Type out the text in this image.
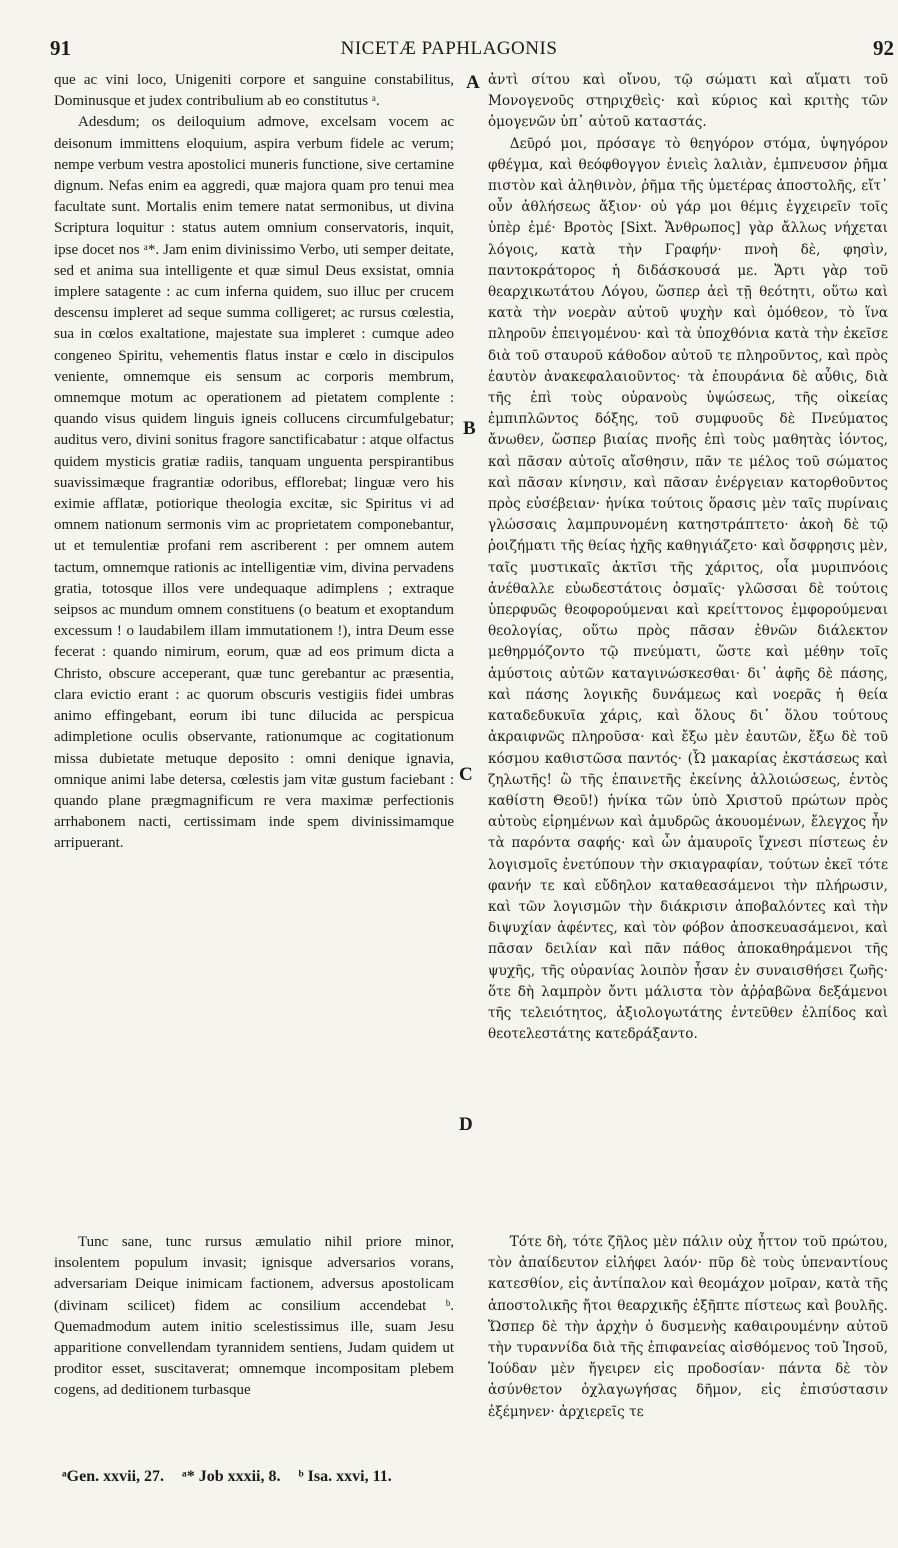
91	NICETÆ PAPHLAGONIS	92

que ac vini loco, Unigeniti corpore et sanguine constabilitus, Dominusque et judex contribulium ab eo constitutus ᵃ.

Adesdum; os deiloquium admove, excelsam vocem ac deisonum immittens eloquium, aspira verbum fidele ac verum; nempe verbum vestra apostolici muneris functione, sive certamine dignum. Nefas enim ea aggredi, quæ majora quam pro tenui mea facultate sunt. Mortalis enim temere natat sermonibus, ut divina Scriptura loquitur : status autem omnium conservatoris, inquit, ipse docet nos ᵃ*. Jam enim divinissimo Verbo, uti semper deitate, sed et anima sua intelligente et quæ simul Deus exsistat, omnia implere satagente : ac cum inferna quidem, suo illuc per crucem descensu impleret ad seque summa colligeret; ac rursus cœlestia, sua in cœlos exaltatione, majestate sua impleret : cumque adeo congeneo Spiritu, vehementis flatus instar e cœlo in discipulos veniente, omnemque eis sensum ac corporis membrum, omnemque motum ac operationem ad pietatem complente : quando visus quidem linguis igneis collucens circumfulgebatur; auditus vero, divini sonitus fragore sanctificabatur : atque olfactus quidem mysticis gratiæ radiis, tanquam unguenta perspirantibus suavissimæque fragrantiæ odoribus, efflorebat; linguæ vero his eximie afflatæ, potiorique theologia excitæ, sic Spiritus vi ad omnem nationum sermonis vim ac proprietatem componebantur, ut et temulentiæ profani rem ascriberent : per omnem autem tactum, omnemque rationis ac intelligentiæ vim, divina pervadens gratia, totosque illos vere undequaque adimplens ; extraque seipsos ac mundum omnem constituens (o beatum et exoptandum excessum ! o laudabilem illam immutationem !), intra Deum esse fecerat : quando nimirum, eorum, quæ ad eos primum dicta a Christo, obscure acceperant, quæ tunc gerebantur ac præsentia, clara evictio erant : ac quorum obscuris vestigiis fidei umbras animo effingebant, eorum ibi tunc dilucida ac perspicua adimpletione oculis observante, rationumque ac cogitationum missa dubietate metuque deposito : omni denique ignavia, omnique animi labe detersa, cœlestis jam vitæ gustum faciebant : quando plane prægmagnificum re vera maximæ perfectionis arrhabonem nacti, certissimam inde spem divinissimamque arripuerant.

Tunc sane, tunc rursus æmulatio nihil priore minor, insolentem populum invasit; ignisque adversarios vorans, adversariam Deique inimicam factionem, adversus apostolicam (divinam scilicet) fidem ac consilium accendebat ᵇ. Quemadmodum autem initio scelestissimus ille, suam Jesu apparitione convellendam tyrannidem sentiens, Judam quidem ut proditor esset, suscitaverat; omnemque incompositam plebem cogens, ad deditionem turbasque

ἀντὶ σίτου καὶ οἴνου, τῷ σώματι καὶ αἵματι τοῦ Μονογενοῦς στηριχθεὶς· καὶ κύριος καὶ κριτὴς τῶν ὁμογενῶν ὑπ᾽ αὐτοῦ καταστάς.

Δεῦρό μοι, πρόσαγε τὸ θεηγόρον στόμα, ὑψηγόρον φθέγμα, καὶ θεόφθογγον ἐνιεὶς λαλιὰν, ἐμπνευσον ῥῆμα πιστὸν καὶ ἀληθινὸν, ῥῆμα τῆς ὑμετέρας ἀποστολῆς, εἴτ᾽ οὖν ἀθλήσεως ἄξιον· οὐ γάρ μοι θέμις ἐγχειρεῖν τοῖς ὑπὲρ ἐμέ· Βροτὸς [Sixt. Ἄνθρωπος] γὰρ ἄλλως νήχεται λόγοις, κατὰ τὴν Γραφήν· πνοὴ δὲ, φησὶν, παντοκράτορος ἡ διδάσκουσά με. Ἄρτι γὰρ τοῦ θεαρχικωτάτου Λόγου, ὥσπερ ἀεὶ τῇ θεότητι, οὕτω καὶ κατὰ τὴν νοερὰν αὐτοῦ ψυχὴν καὶ ὁμόθεον, τὸ ἵνα πληροῦν ἐπειγομένου· καὶ τὰ ὑποχθόνια κατὰ τὴν ἐκεῖσε διὰ τοῦ σταυροῦ κάθοδον αὐτοῦ τε πληροῦντος, καὶ πρὸς ἑαυτὸν ἀνακεφαλαιοῦντος· τὰ ἐπουράνια δὲ αὖθις, διὰ τῆς ἐπὶ τοὺς οὐρανοὺς ὑψώσεως, τῆς οἰκείας ἐμπιπλῶντος δόξης, τοῦ συμφυοῦς δὲ Πνεύματος ἄνωθεν, ὥσπερ βιαίας πνοῆς ἐπὶ τοὺς μαθητὰς ἰόντος, καὶ πᾶσαν αὐτοῖς αἴσθησιν, πᾶν τε μέλος τοῦ σώματος καὶ πᾶσαν κίνησιν, καὶ πᾶσαν ἐνέργειαν κατορθοῦντος πρὸς εὐσέβειαν· ἡνίκα τούτοις ὅρασις μὲν ταῖς πυρίναις γλώσσαις λαμπρυνομένη κατηστράπτετο· ἀκοὴ δὲ τῷ ῥοιζήματι τῆς θείας ἠχῆς καθηγιάζετο· καὶ ὄσφρησις μὲν, ταῖς μυστικαῖς ἀκτῖσι τῆς χάριτος, οἷα μυριπνόοις ἀνέθαλλε εὐωδεστάτοις ὀσμαῖς· γλῶσσαι δὲ τούτοις ὑπερφυῶς θεοφορούμεναι καὶ κρείττονος ἐμφορούμεναι θεολογίας, οὕτω πρὸς πᾶσαν ἐθνῶν διάλεκτον μεθηρμόζοντο τῷ πνεύματι, ὥστε καὶ μέθην τοῖς ἀμύστοις αὐτῶν καταγινώσκεσθαι· δι᾽ ἀφῆς δὲ πάσης, καὶ πάσης λογικῆς δυνάμεως καὶ νοερᾶς ἡ θεία καταδεδυκυῖα χάρις, καὶ ὅλους δι᾽ ὅλου τούτους ἀκραιφνῶς πληροῦσα· καὶ ἔξω μὲν ἑαυτῶν, ἔξω δὲ τοῦ κόσμου καθιστῶσα παντός· (Ὦ μακαρίας ἐκστάσεως καὶ ζηλωτῆς! ὢ τῆς ἐπαινετῆς ἐκείνης ἀλλοιώσεως, ἐντὸς καθίστη Θεοῦ!) ἡνίκα τῶν ὑπὸ Χριστοῦ πρώτων πρὸς αὐτοὺς εἰρημένων καὶ ἀμυδρῶς ἀκουομένων, ἔλεγχος ἦν τὰ παρόντα σαφής· καὶ ὧν ἀμαυροῖς ἴχνεσι πίστεως ἐν λογισμοῖς ἐνετύπουν τὴν σκιαγραφίαν, τούτων ἐκεῖ τότε φανήν τε καὶ εὔδηλον καταθεασάμενοι τὴν πλήρωσιν, καὶ τῶν λογισμῶν τὴν διάκρισιν ἀποβαλόντες καὶ τὴν διψυχίαν ἀφέντες, καὶ τὸν φόβον ἀποσκευασάμενοι, καὶ πᾶσαν δειλίαν καὶ πᾶν πάθος ἀποκαθηράμενοι τῆς ψυχῆς, τῆς οὐρανίας λοιπὸν ἦσαν ἐν συναισθήσει ζωῆς· ὅτε δὴ λαμπρὸν ὄντι μάλιστα τὸν ἀῤῥαβῶνα δεξάμενοι τῆς τελειότητος, ἀξιολογωτάτης ἐντεῦθεν ἐλπίδος καὶ θεοτελεστάτης κατεδράξαντο.

Τότε δὴ, τότε ζῆλος μὲν πάλιν οὐχ ἧττον τοῦ πρώτου, τὸν ἀπαίδευτον εἰλήφει λαόν· πῦρ δὲ τοὺς ὑπεναντίους κατεσθίον, εἰς ἀντίπαλον καὶ θεομάχον μοῖραν, κατὰ τῆς ἀποστολικῆς ἤτοι θεαρχικῆς ἐξῆπτε πίστεως καὶ βουλῆς. Ὥσπερ δὲ τὴν ἀρχὴν ὁ δυσμενὴς καθαιρουμένην αὐτοῦ τὴν τυραννίδα διὰ τῆς ἐπιφανείας αἰσθόμενος τοῦ Ἰησοῦ, Ἰούδαν μὲν ἤγειρεν εἰς προδοσίαν· πάντα δὲ τὸν ἀσύνθετον ὀχλαγωγήσας δῆμον, εἰς ἐπισύστασιν ἐξέμηνεν· ἀρχιερεῖς τε

A
B
C
D
ᵃGen. xxvii, 27. ᵃ* Job xxxii, 8. ᵇ Isa. xxvi, 11.
